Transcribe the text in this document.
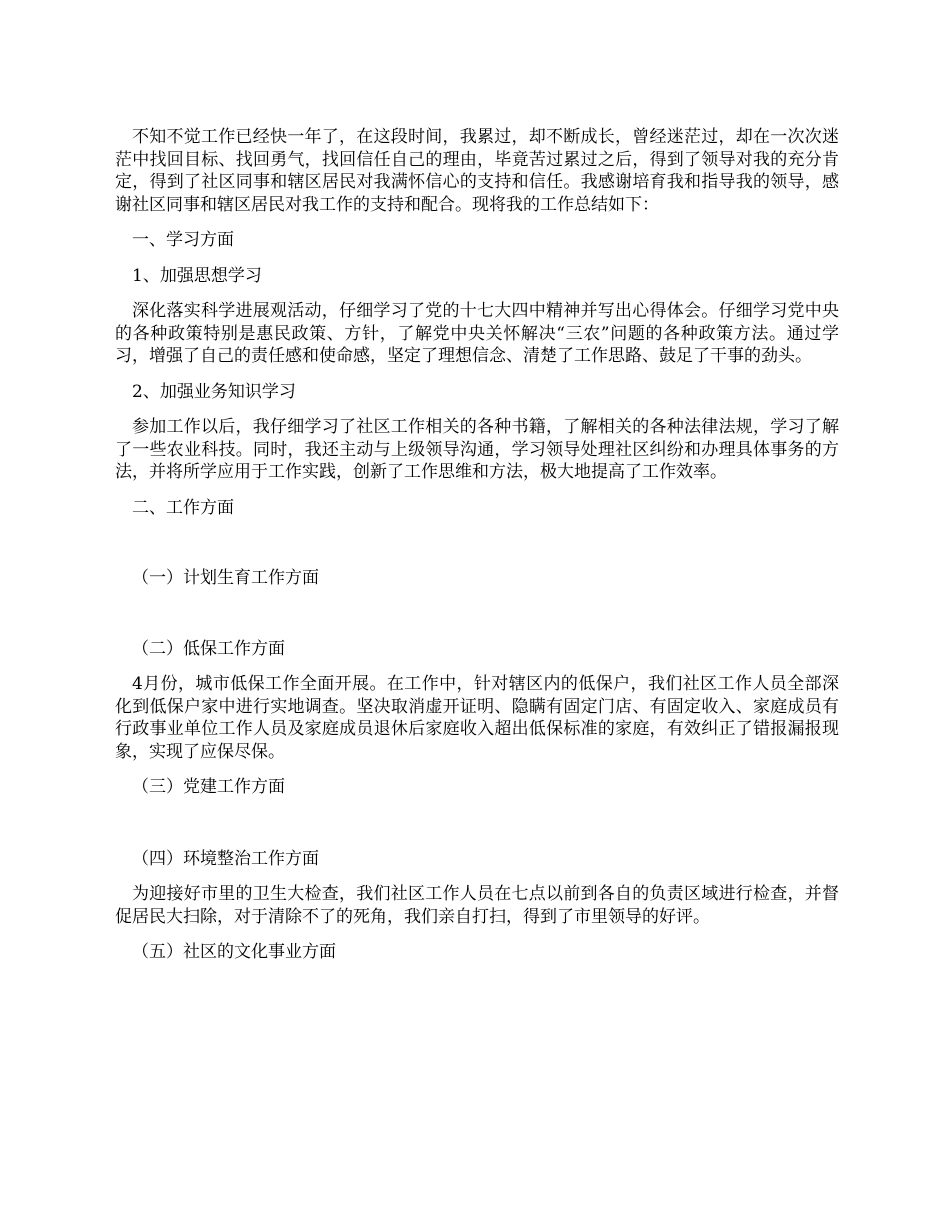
不知不觉工作已经快一年了，在这段时间，我累过，却不断成长，曾经迷茫过，却在一次次迷茫中找回目标、找回勇气，找回信任自己的理由，毕竟苦过累过之后，得到了领导对我的充分肯定，得到了社区同事和辖区居民对我满怀信心的支持和信任。我感谢培育我和指导我的领导，感谢社区同事和辖区居民对我工作的支持和配合。现将我的工作总结如下：

一、学习方面

1、加强思想学习

深化落实科学进展观活动，仔细学习了党的十七大四中精神并写出心得体会。仔细学习党中央的各种政策特别是惠民政策、方针，了解党中央关怀解决“三农”问题的各种政策方法。通过学习，增强了自己的责任感和使命感，坚定了理想信念、清楚了工作思路、鼓足了干事的劲头。

2、加强业务知识学习

参加工作以后，我仔细学习了社区工作相关的各种书籍，了解相关的各种法律法规，学习了解了一些农业科技。同时，我还主动与上级领导沟通，学习领导处理社区纠纷和办理具体事务的方法，并将所学应用于工作实践，创新了工作思维和方法，极大地提高了工作效率。

二、工作方面

（一）计划生育工作方面

（二）低保工作方面

4月份，城市低保工作全面开展。在工作中，针对辖区内的低保户，我们社区工作人员全部深化到低保户家中进行实地调查。坚决取消虚开证明、隐瞒有固定门店、有固定收入、家庭成员有行政事业单位工作人员及家庭成员退休后家庭收入超出低保标准的家庭，有效纠正了错报漏报现象，实现了应保尽保。

（三）党建工作方面

（四）环境整治工作方面

为迎接好市里的卫生大检查，我们社区工作人员在七点以前到各自的负责区域进行检查，并督促居民大扫除，对于清除不了的死角，我们亲自打扫，得到了市里领导的好评。

（五）社区的文化事业方面
